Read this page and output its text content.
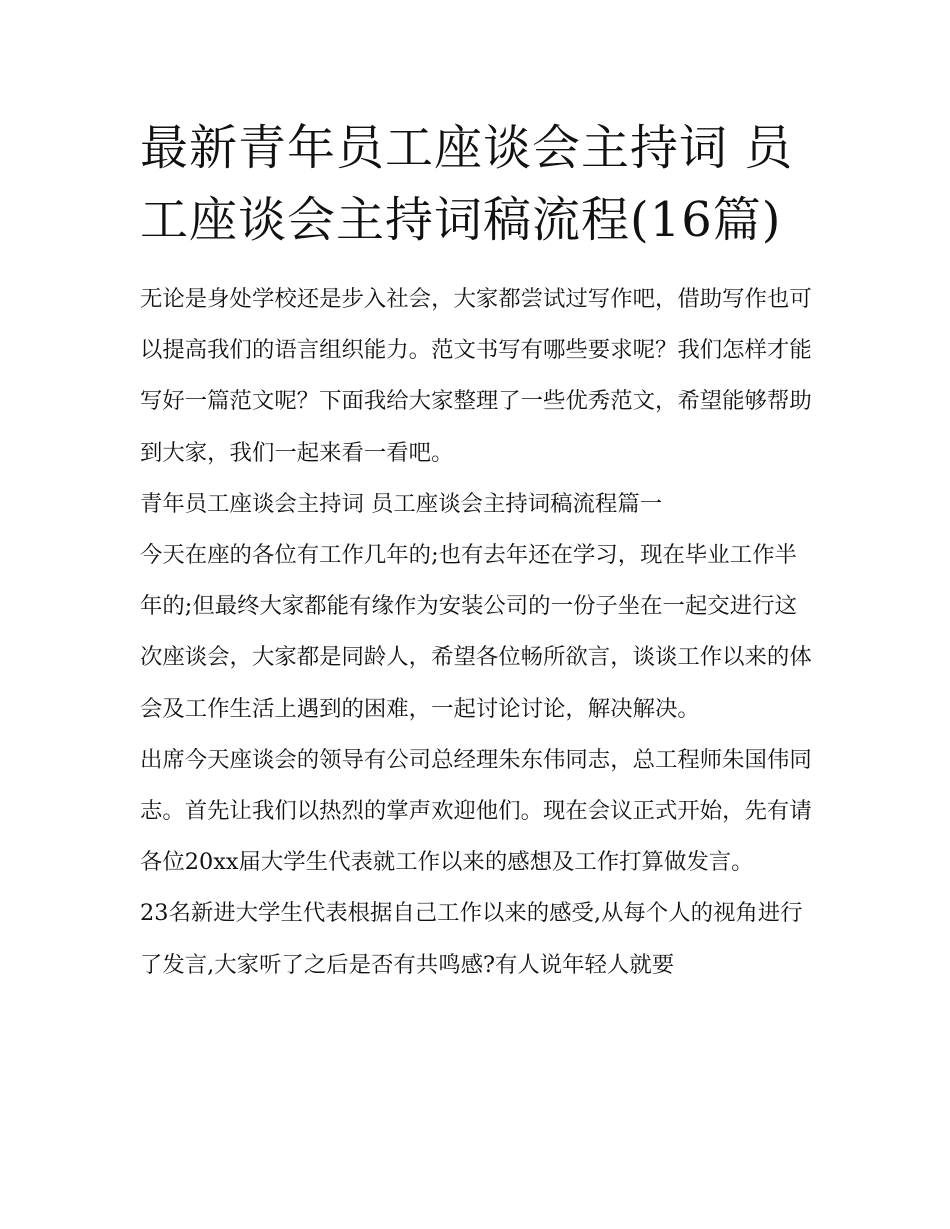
最新青年员工座谈会主持词 员工座谈会主持词稿流程(16篇)

无论是身处学校还是步入社会，大家都尝试过写作吧，借助写作也可以提高我们的语言组织能力。范文书写有哪些要求呢？我们怎样才能写好一篇范文呢？下面我给大家整理了一些优秀范文，希望能够帮助到大家，我们一起来看一看吧。

青年员工座谈会主持词 员工座谈会主持词稿流程篇一

今天在座的各位有工作几年的;也有去年还在学习，现在毕业工作半年的;但最终大家都能有缘作为安装公司的一份子坐在一起交进行这次座谈会，大家都是同龄人，希望各位畅所欲言，谈谈工作以来的体会及工作生活上遇到的困难，一起讨论讨论，解决解决。

出席今天座谈会的领导有公司总经理朱东伟同志，总工程师朱国伟同志。首先让我们以热烈的掌声欢迎他们。现在会议正式开始，先有请各位20xx届大学生代表就工作以来的感想及工作打算做发言。

23名新进大学生代表根据自己工作以来的感受,从每个人的视角进行了发言,大家听了之后是否有共鸣感?有人说年轻人就要
